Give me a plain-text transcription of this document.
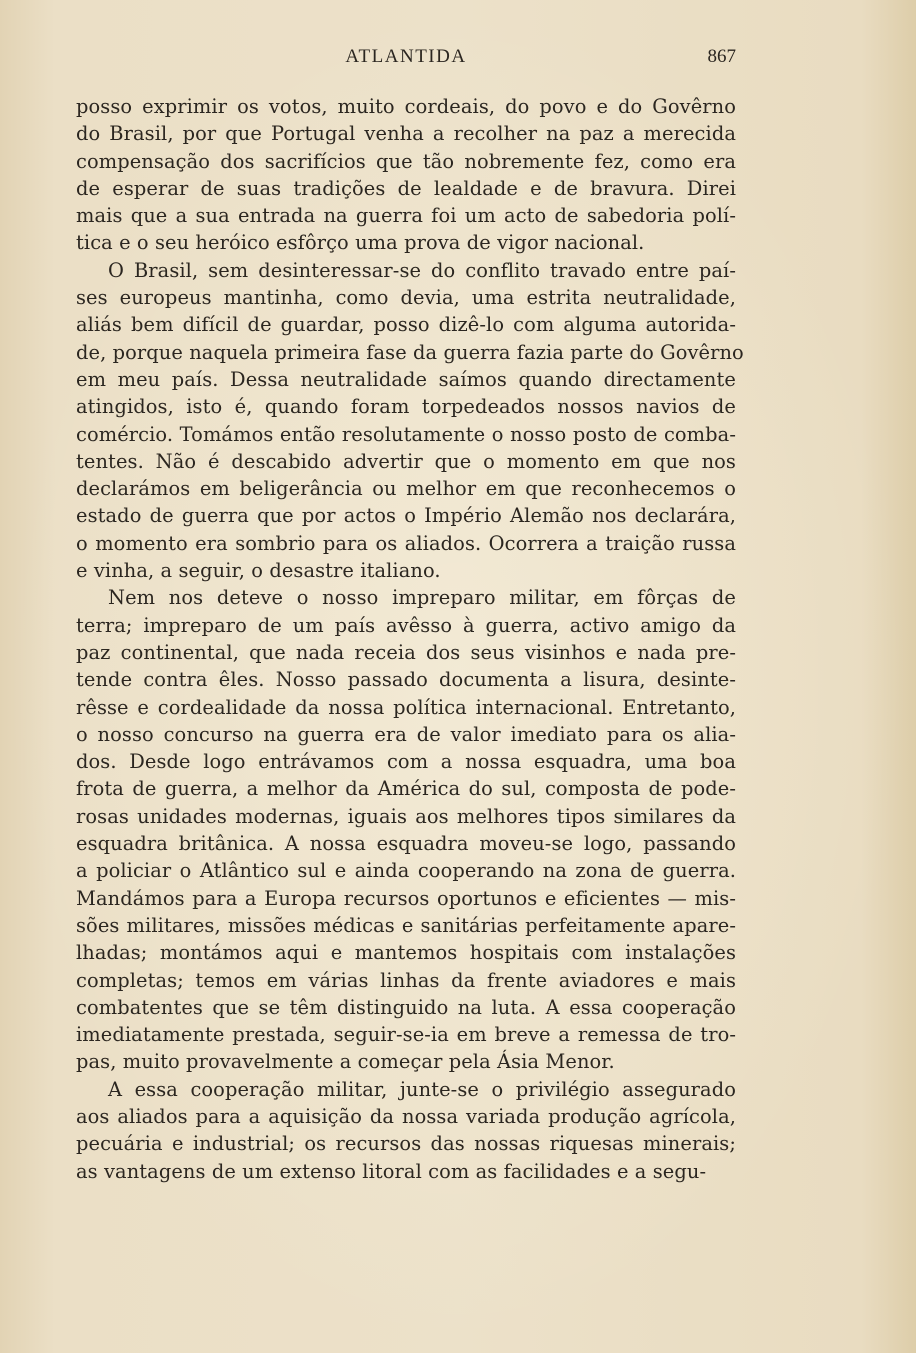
ATLANTIDA	867

posso exprimir os votos, muito cordeais, do povo e do Govêrno
do Brasil, por que Portugal venha a recolher na paz a merecida
compensação dos sacrifícios que tão nobremente fez, como era
de esperar de suas tradições de lealdade e de bravura. Direi
mais que a sua entrada na guerra foi um acto de sabedoria polí-
tica e o seu heróico esfôrço uma prova de vigor nacional.

O Brasil, sem desinteressar-se do conflito travado entre paí-
ses europeus mantinha, como devia, uma estrita neutralidade,
aliás bem difícil de guardar, posso dizê-lo com alguma autorida-
de, porque naquela primeira fase da guerra fazia parte do Govêrno
em meu país. Dessa neutralidade saímos quando directamente
atingidos, isto é, quando foram torpedeados nossos navios de
comércio. Tomámos então resolutamente o nosso posto de comba-
tentes. Não é descabido advertir que o momento em que nos
declarámos em beligerância ou melhor em que reconhecemos o
estado de guerra que por actos o Império Alemão nos declarára,
o momento era sombrio para os aliados. Ocorrera a traição russa
e vinha, a seguir, o desastre italiano.

Nem nos deteve o nosso impreparo militar, em fôrças de
terra; impreparo de um país avêsso à guerra, activo amigo da
paz continental, que nada receia dos seus visinhos e nada pre-
tende contra êles. Nosso passado documenta a lisura, desinte-
rêsse e cordealidade da nossa política internacional. Entretanto,
o nosso concurso na guerra era de valor imediato para os alia-
dos. Desde logo entrávamos com a nossa esquadra, uma boa
frota de guerra, a melhor da América do sul, composta de pode-
rosas unidades modernas, iguais aos melhores tipos similares da
esquadra britânica. A nossa esquadra moveu-se logo, passando
a policiar o Atlântico sul e ainda cooperando na zona de guerra.
Mandámos para a Europa recursos oportunos e eficientes — mis-
sões militares, missões médicas e sanitárias perfeitamente apare-
lhadas; montámos aqui e mantemos hospitais com instalações
completas; temos em várias linhas da frente aviadores e mais
combatentes que se têm distinguido na luta. A essa cooperação
imediatamente prestada, seguir-se-ia em breve a remessa de tro-
pas, muito provavelmente a começar pela Ásia Menor.

A essa cooperação militar, junte-se o privilégio assegurado
aos aliados para a aquisição da nossa variada produção agrícola,
pecuária e industrial; os recursos das nossas riquesas minerais;
as vantagens de um extenso litoral com as facilidades e a segu-
